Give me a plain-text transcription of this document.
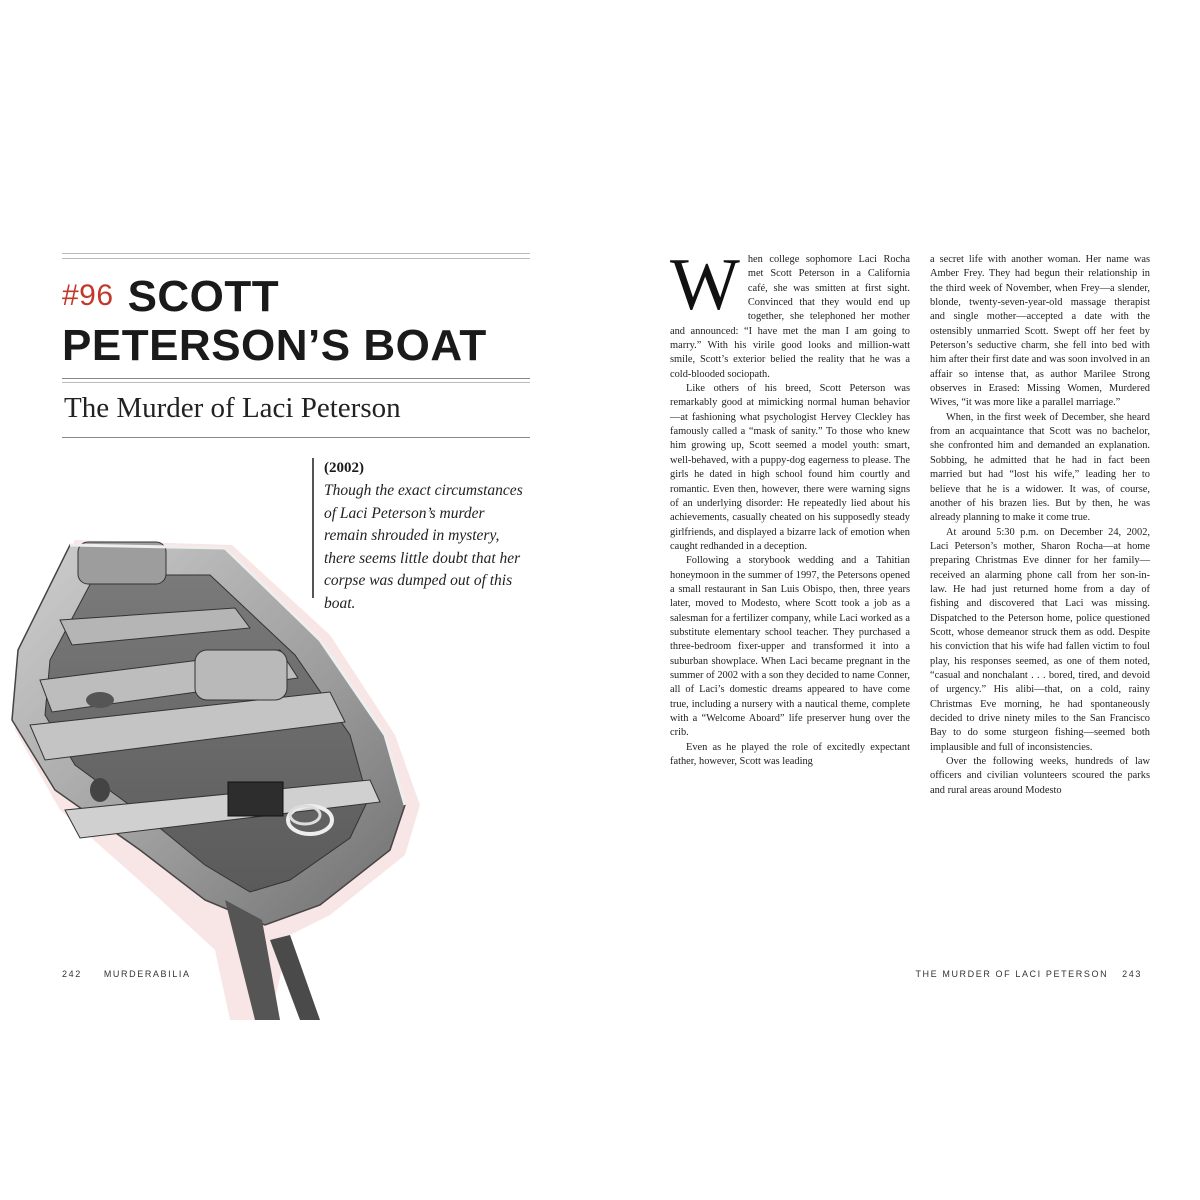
#96 SCOTT
PETERSON’S BOAT
The Murder of Laci Peterson
(2002)
Though the exact circumstances of Laci Peterson’s murder remain shrouded in mystery, there seems little doubt that her corpse was dumped out of this boat.
242 MURDERABILIA
W hen college sophomore Laci Rocha met Scott Peterson in a California café, she was smitten at first sight. Convinced that they would end up together, she telephoned her mother and announced: “I have met the man I am going to marry.” With his virile good looks and million-watt smile, Scott’s exterior belied the reality that he was a cold-blooded sociopath.

Like others of his breed, Scott Peterson was remarkably good at mimicking normal human behavior—at fashioning what psychologist Hervey Cleckley has famously called a “mask of sanity.” To those who knew him growing up, Scott seemed a model youth: smart, well-behaved, with a puppy-dog eagerness to please. The girls he dated in high school found him courtly and romantic. Even then, however, there were warning signs of an underlying disorder: He repeatedly lied about his achievements, casually cheated on his supposedly steady girlfriends, and displayed a bizarre lack of emotion when caught redhanded in a deception.

Following a storybook wedding and a Tahitian honeymoon in the summer of 1997, the Petersons opened a small restaurant in San Luis Obispo, then, three years later, moved to Modesto, where Scott took a job as a salesman for a fertilizer company, while Laci worked as a substitute elementary school teacher. They purchased a three-bedroom fixer-upper and transformed it into a suburban showplace. When Laci became pregnant in the summer of 2002 with a son they decided to name Conner, all of Laci’s domestic dreams appeared to have come true, including a nursery with a nautical theme, complete with a “Welcome Aboard” life preserver hung over the crib.

Even as he played the role of excitedly expectant father, however, Scott was leading

a secret life with another woman. Her name was Amber Frey. They had begun their relationship in the third week of November, when Frey—a slender, blonde, twenty-seven-year-old massage therapist and single mother—accepted a date with the ostensibly unmarried Scott. Swept off her feet by Peterson’s seductive charm, she fell into bed with him after their first date and was soon involved in an affair so intense that, as author Marilee Strong observes in Erased: Missing Women, Murdered Wives, “it was more like a parallel marriage.”

When, in the first week of December, she heard from an acquaintance that Scott was no bachelor, she confronted him and demanded an explanation. Sobbing, he admitted that he had in fact been married but had “lost his wife,” leading her to believe that he is a widower. It was, of course, another of his brazen lies. But by then, he was already planning to make it come true.

At around 5:30 p.m. on December 24, 2002, Laci Peterson’s mother, Sharon Rocha—at home preparing Christmas Eve dinner for her family—received an alarming phone call from her son-in-law. He had just returned home from a day of fishing and discovered that Laci was missing. Dispatched to the Peterson home, police questioned Scott, whose demeanor struck them as odd. Despite his conviction that his wife had fallen victim to foul play, his responses seemed, as one of them noted, “casual and nonchalant . . . bored, tired, and devoid of urgency.” His alibi—that, on a cold, rainy Christmas Eve morning, he had spontaneously decided to drive ninety miles to the San Francisco Bay to do some sturgeon fishing—seemed both implausible and full of inconsistencies.

Over the following weeks, hundreds of law officers and civilian volunteers scoured the parks and rural areas around Modesto

THE MURDER OF LACI PETERSON 243
